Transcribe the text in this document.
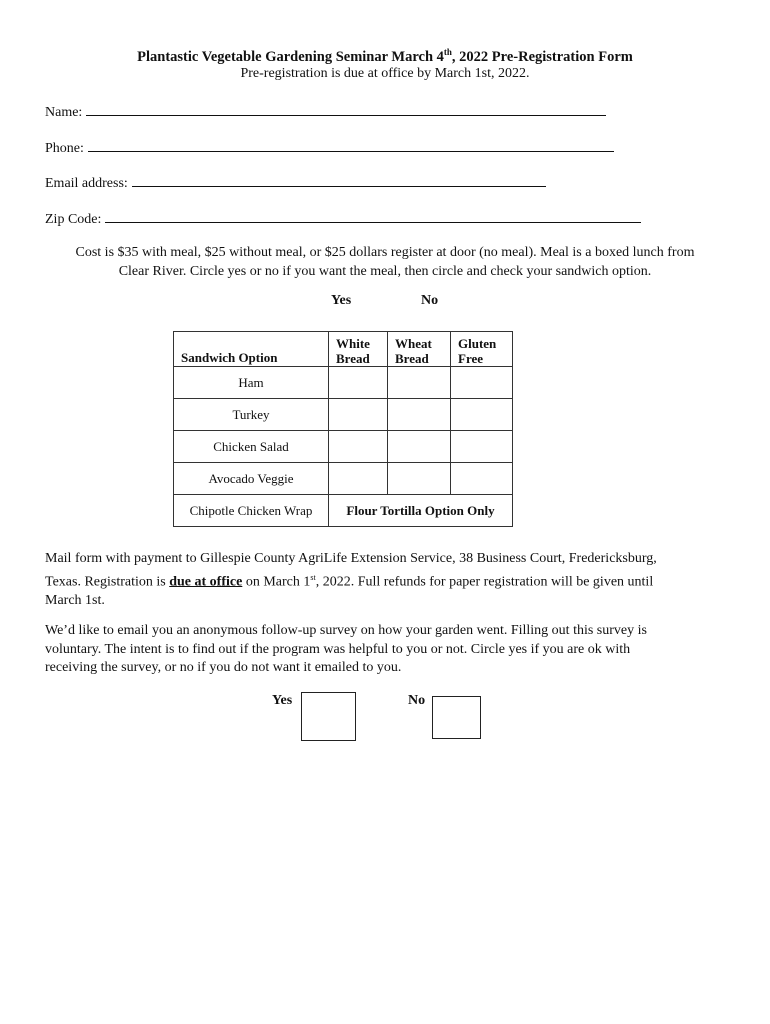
Plantastic Vegetable Gardening Seminar March 4th, 2022 Pre-Registration Form
Pre-registration is due at office by March 1st, 2022.
Name:
Phone:
Email address:
Zip Code:
Cost is $35 with meal, $25 without meal, or $25 dollars register at door (no meal). Meal is a boxed lunch from
Clear River. Circle yes or no if you want the meal, then circle and check your sandwich option.
Yes	No
Sandwich Option	White Bread	Wheat Bread	Gluten Free
Ham			
Turkey			
Chicken Salad			
Avocado Veggie			
Chipotle Chicken Wrap	Flour Tortilla Option Only		
Mail form with payment to Gillespie County AgriLife Extension Service, 38 Business Court, Fredericksburg,
Texas. Registration is due at office on March 1st, 2022. Full refunds for paper registration will be given until
March 1st.
We’d like to email you an anonymous follow-up survey on how your garden went. Filling out this survey is
voluntary. The intent is to find out if the program was helpful to you or not. Circle yes if you are ok with
receiving the survey, or no if you do not want it emailed to you.
Yes	No
